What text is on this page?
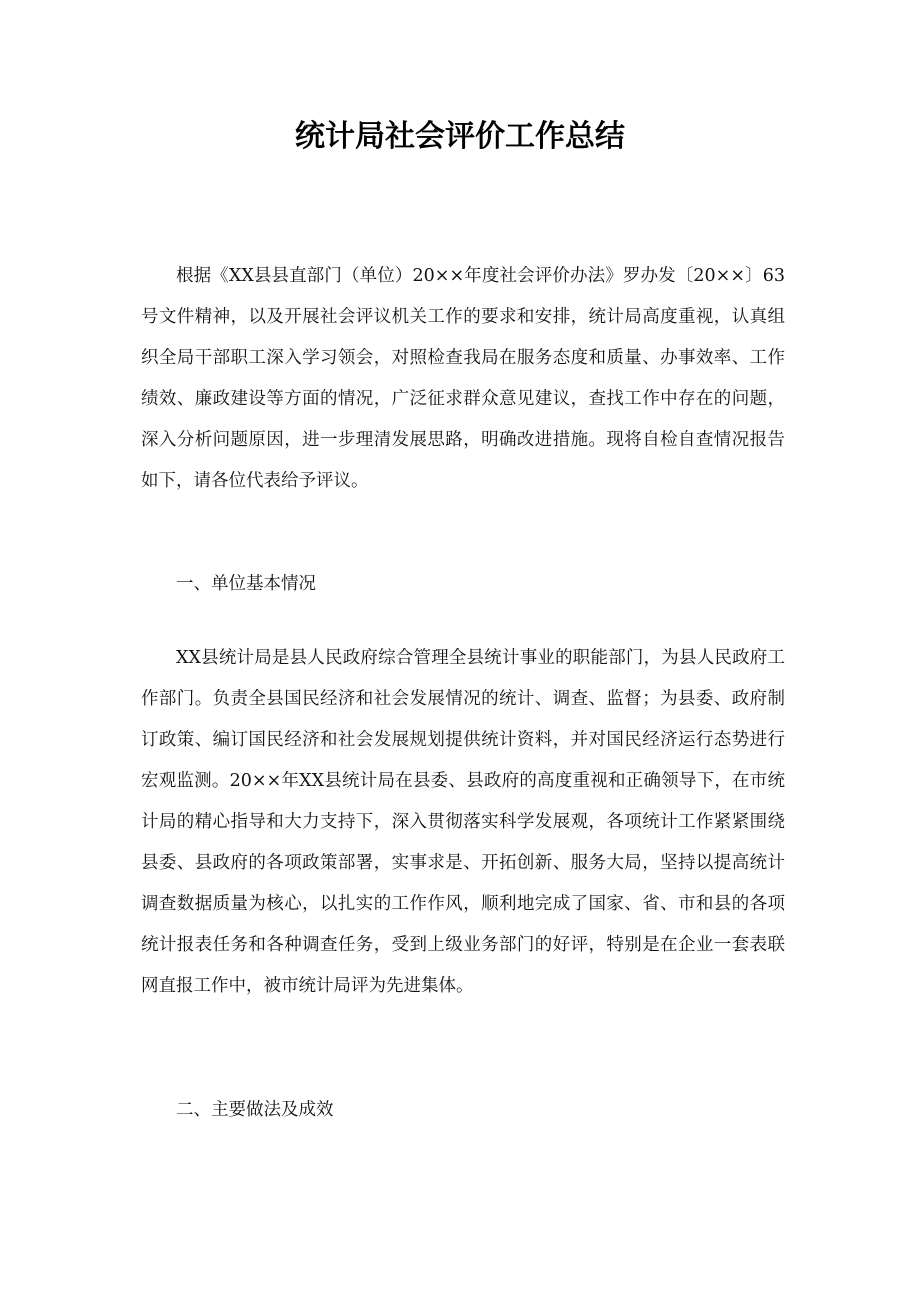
统计局社会评价工作总结

根据《XX县县直部门（单位）20××年度社会评价办法》罗办发〔20××〕63号文件精神，以及开展社会评议机关工作的要求和安排，统计局高度重视，认真组织全局干部职工深入学习领会，对照检查我局在服务态度和质量、办事效率、工作绩效、廉政建设等方面的情况，广泛征求群众意见建议，查找工作中存在的问题，深入分析问题原因，进一步理清发展思路，明确改进措施。现将自检自查情况报告如下，请各位代表给予评议。

一、单位基本情况

XX县统计局是县人民政府综合管理全县统计事业的职能部门，为县人民政府工作部门。负责全县国民经济和社会发展情况的统计、调查、监督；为县委、政府制订政策、编订国民经济和社会发展规划提供统计资料，并对国民经济运行态势进行宏观监测。20××年XX县统计局在县委、县政府的高度重视和正确领导下，在市统计局的精心指导和大力支持下，深入贯彻落实科学发展观，各项统计工作紧紧围绕县委、县政府的各项政策部署，实事求是、开拓创新、服务大局，坚持以提高统计调查数据质量为核心，以扎实的工作作风，顺利地完成了国家、省、市和县的各项统计报表任务和各种调查任务，受到上级业务部门的好评，特别是在企业一套表联网直报工作中，被市统计局评为先进集体。

二、主要做法及成效
